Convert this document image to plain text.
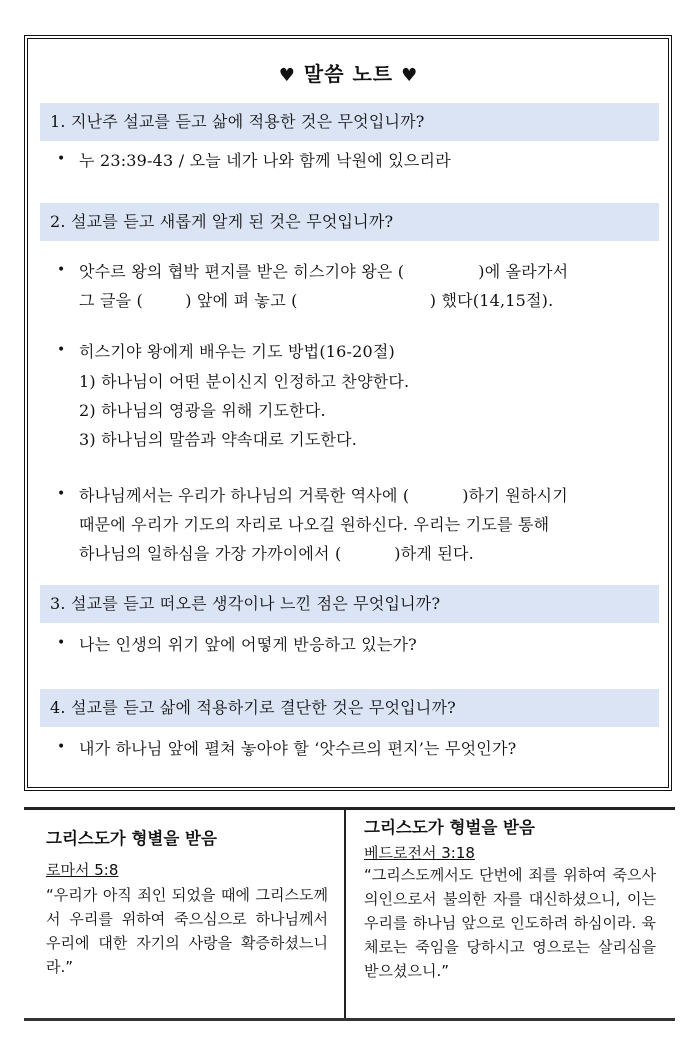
♥ 말씀 노트 ♥
1. 지난주 설교를 듣고 삶에 적용한 것은 무엇입니까?
• 누 23:39-43 / 오늘 네가 나와 함께 낙원에 있으리라
2. 설교를 듣고 새롭게 알게 된 것은 무엇입니까?
• 앗수르 왕의 협박 편지를 받은 히스기야 왕은 (              )에 올라가서
그 글을 (        ) 앞에 펴 놓고 (                         ) 했다(14,15절).
• 히스기야 왕에게 배우는 기도 방법(16-20절)
1) 하나님이 어떤 분이신지 인정하고 찬양한다.
2) 하나님의 영광을 위해 기도한다.
3) 하나님의 말씀과 약속대로 기도한다.
• 하나님께서는 우리가 하나님의 거룩한 역사에 (          )하기 원하시기
때문에 우리가 기도의 자리로 나오길 원하신다. 우리는 기도를 통해
하나님의 일하심을 가장 가까이에서 (          )하게 된다.
3. 설교를 듣고 떠오른 생각이나 느낀 점은 무엇입니까?
• 나는 인생의 위기 앞에 어떻게 반응하고 있는가?
4. 설교를 듣고 삶에 적용하기로 결단한 것은 무엇입니까?
• 내가 하나님 앞에 펼쳐 놓아야 할 ‘앗수르의 편지’는 무엇인가?
그리스도가 형별을 받음
로마서 5:8
“우리가 아직 죄인 되었을 때에 그리스도께서 우리를 위하여 죽으심으로 하나님께서 우리에 대한 자기의 사랑을 확증하셨느니라.”
그리스도가 형벌을 받음
베드로전서 3:18
“그리스도께서도 단번에 죄를 위하여 죽으사 의인으로서 불의한 자를 대신하셨으니, 이는 우리를 하나님 앞으로 인도하려 하심이라. 육체로는 죽임을 당하시고 영으로는 살리심을 받으셨으니.”
